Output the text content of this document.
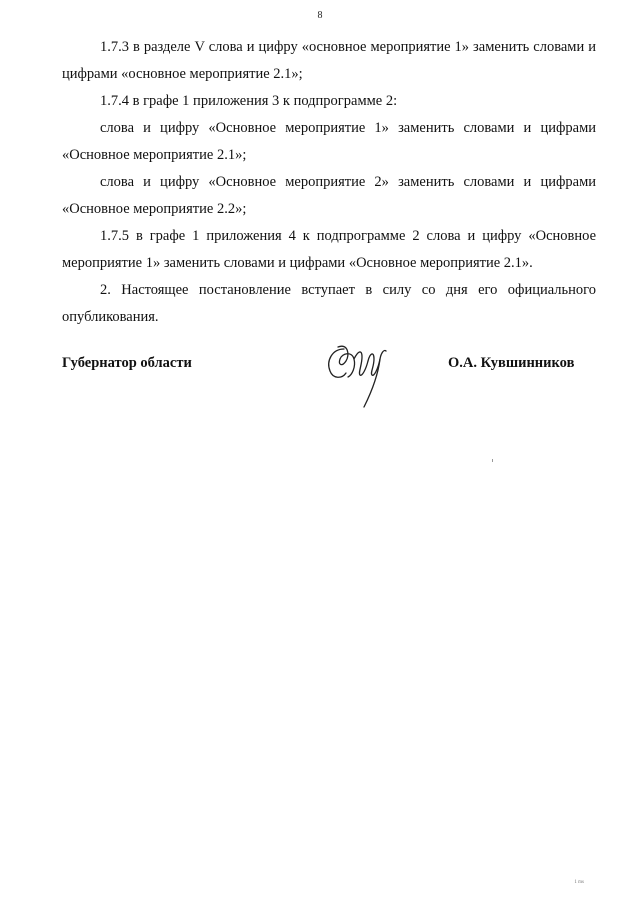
8

1.7.3 в разделе V слова и цифру «основное мероприятие 1» заменить словами и цифрами «основное мероприятие 2.1»;

1.7.4 в графе 1 приложения 3 к подпрограмме 2:

слова и цифру «Основное мероприятие 1» заменить словами и цифрами «Основное мероприятие 2.1»;

слова и цифру «Основное мероприятие 2» заменить словами и цифрами «Основное мероприятие 2.2»;

1.7.5 в графе 1 приложения 4 к подпрограмме 2 слова и цифру «Основное мероприятие 1» заменить словами и цифрами «Основное мероприятие 2.1».

2. Настоящее постановление вступает в силу со дня его официального опубликования.

Губернатор области	О.А. Кувшинников
1 ms
